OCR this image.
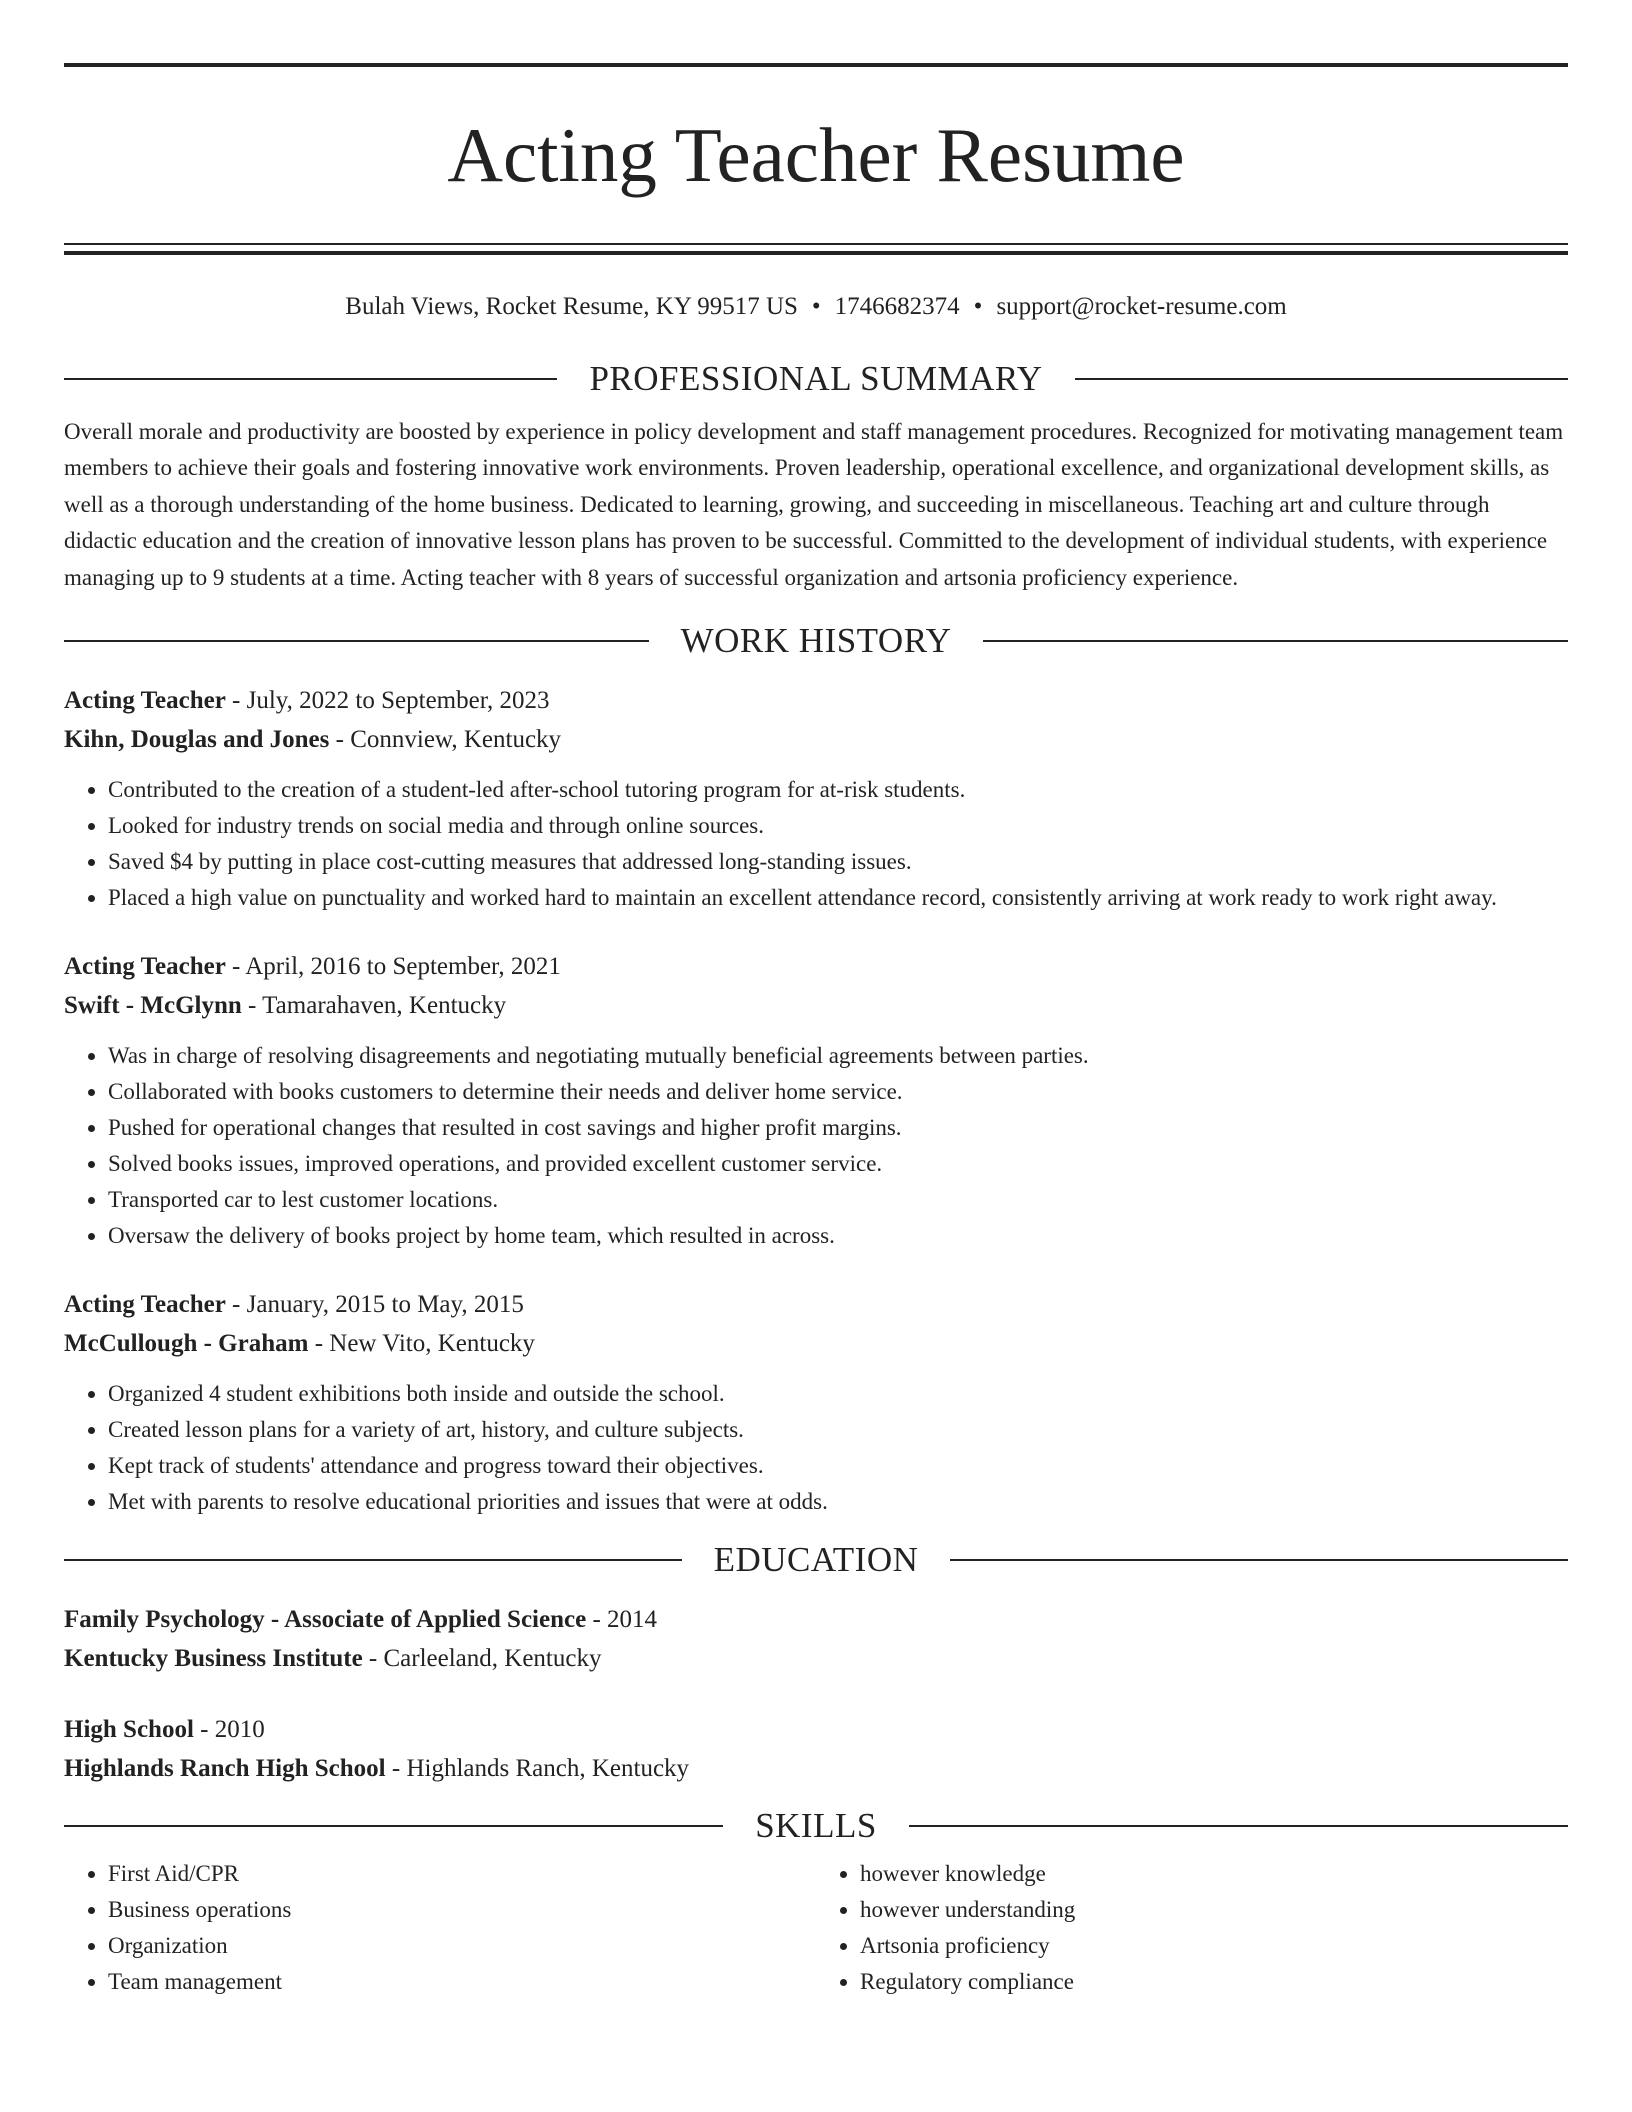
Acting Teacher Resume
Bulah Views, Rocket Resume, KY 99517 US • 1746682374 • support@rocket-resume.com
PROFESSIONAL SUMMARY

Overall morale and productivity are boosted by experience in policy development and staff management procedures. Recognized for motivating management team members to achieve their goals and fostering innovative work environments. Proven leadership, operational excellence, and organizational development skills, as well as a thorough understanding of the home business. Dedicated to learning, growing, and succeeding in miscellaneous. Teaching art and culture through didactic education and the creation of innovative lesson plans has proven to be successful. Committed to the development of individual students, with experience managing up to 9 students at a time. Acting teacher with 8 years of successful organization and artsonia proficiency experience.

WORK HISTORY
Acting Teacher - July, 2022 to September, 2023
Kihn, Douglas and Jones - Connview, Kentucky
• Contributed to the creation of a student-led after-school tutoring program for at-risk students.
• Looked for industry trends on social media and through online sources.
• Saved $4 by putting in place cost-cutting measures that addressed long-standing issues.
• Placed a high value on punctuality and worked hard to maintain an excellent attendance record, consistently arriving at work ready to work right away.
Acting Teacher - April, 2016 to September, 2021
Swift - McGlynn - Tamarahaven, Kentucky
• Was in charge of resolving disagreements and negotiating mutually beneficial agreements between parties.
• Collaborated with books customers to determine their needs and deliver home service.
• Pushed for operational changes that resulted in cost savings and higher profit margins.
• Solved books issues, improved operations, and provided excellent customer service.
• Transported car to lest customer locations.
• Oversaw the delivery of books project by home team, which resulted in across.
Acting Teacher - January, 2015 to May, 2015
McCullough - Graham - New Vito, Kentucky
• Organized 4 student exhibitions both inside and outside the school.
• Created lesson plans for a variety of art, history, and culture subjects.
• Kept track of students' attendance and progress toward their objectives.
• Met with parents to resolve educational priorities and issues that were at odds.
EDUCATION
Family Psychology - Associate of Applied Science - 2014
Kentucky Business Institute - Carleeland, Kentucky
High School - 2010
Highlands Ranch High School - Highlands Ranch, Kentucky
SKILLS
• First Aid/CPR
• Business operations
• Organization
• Team management
• however knowledge
• however understanding
• Artsonia proficiency
• Regulatory compliance
